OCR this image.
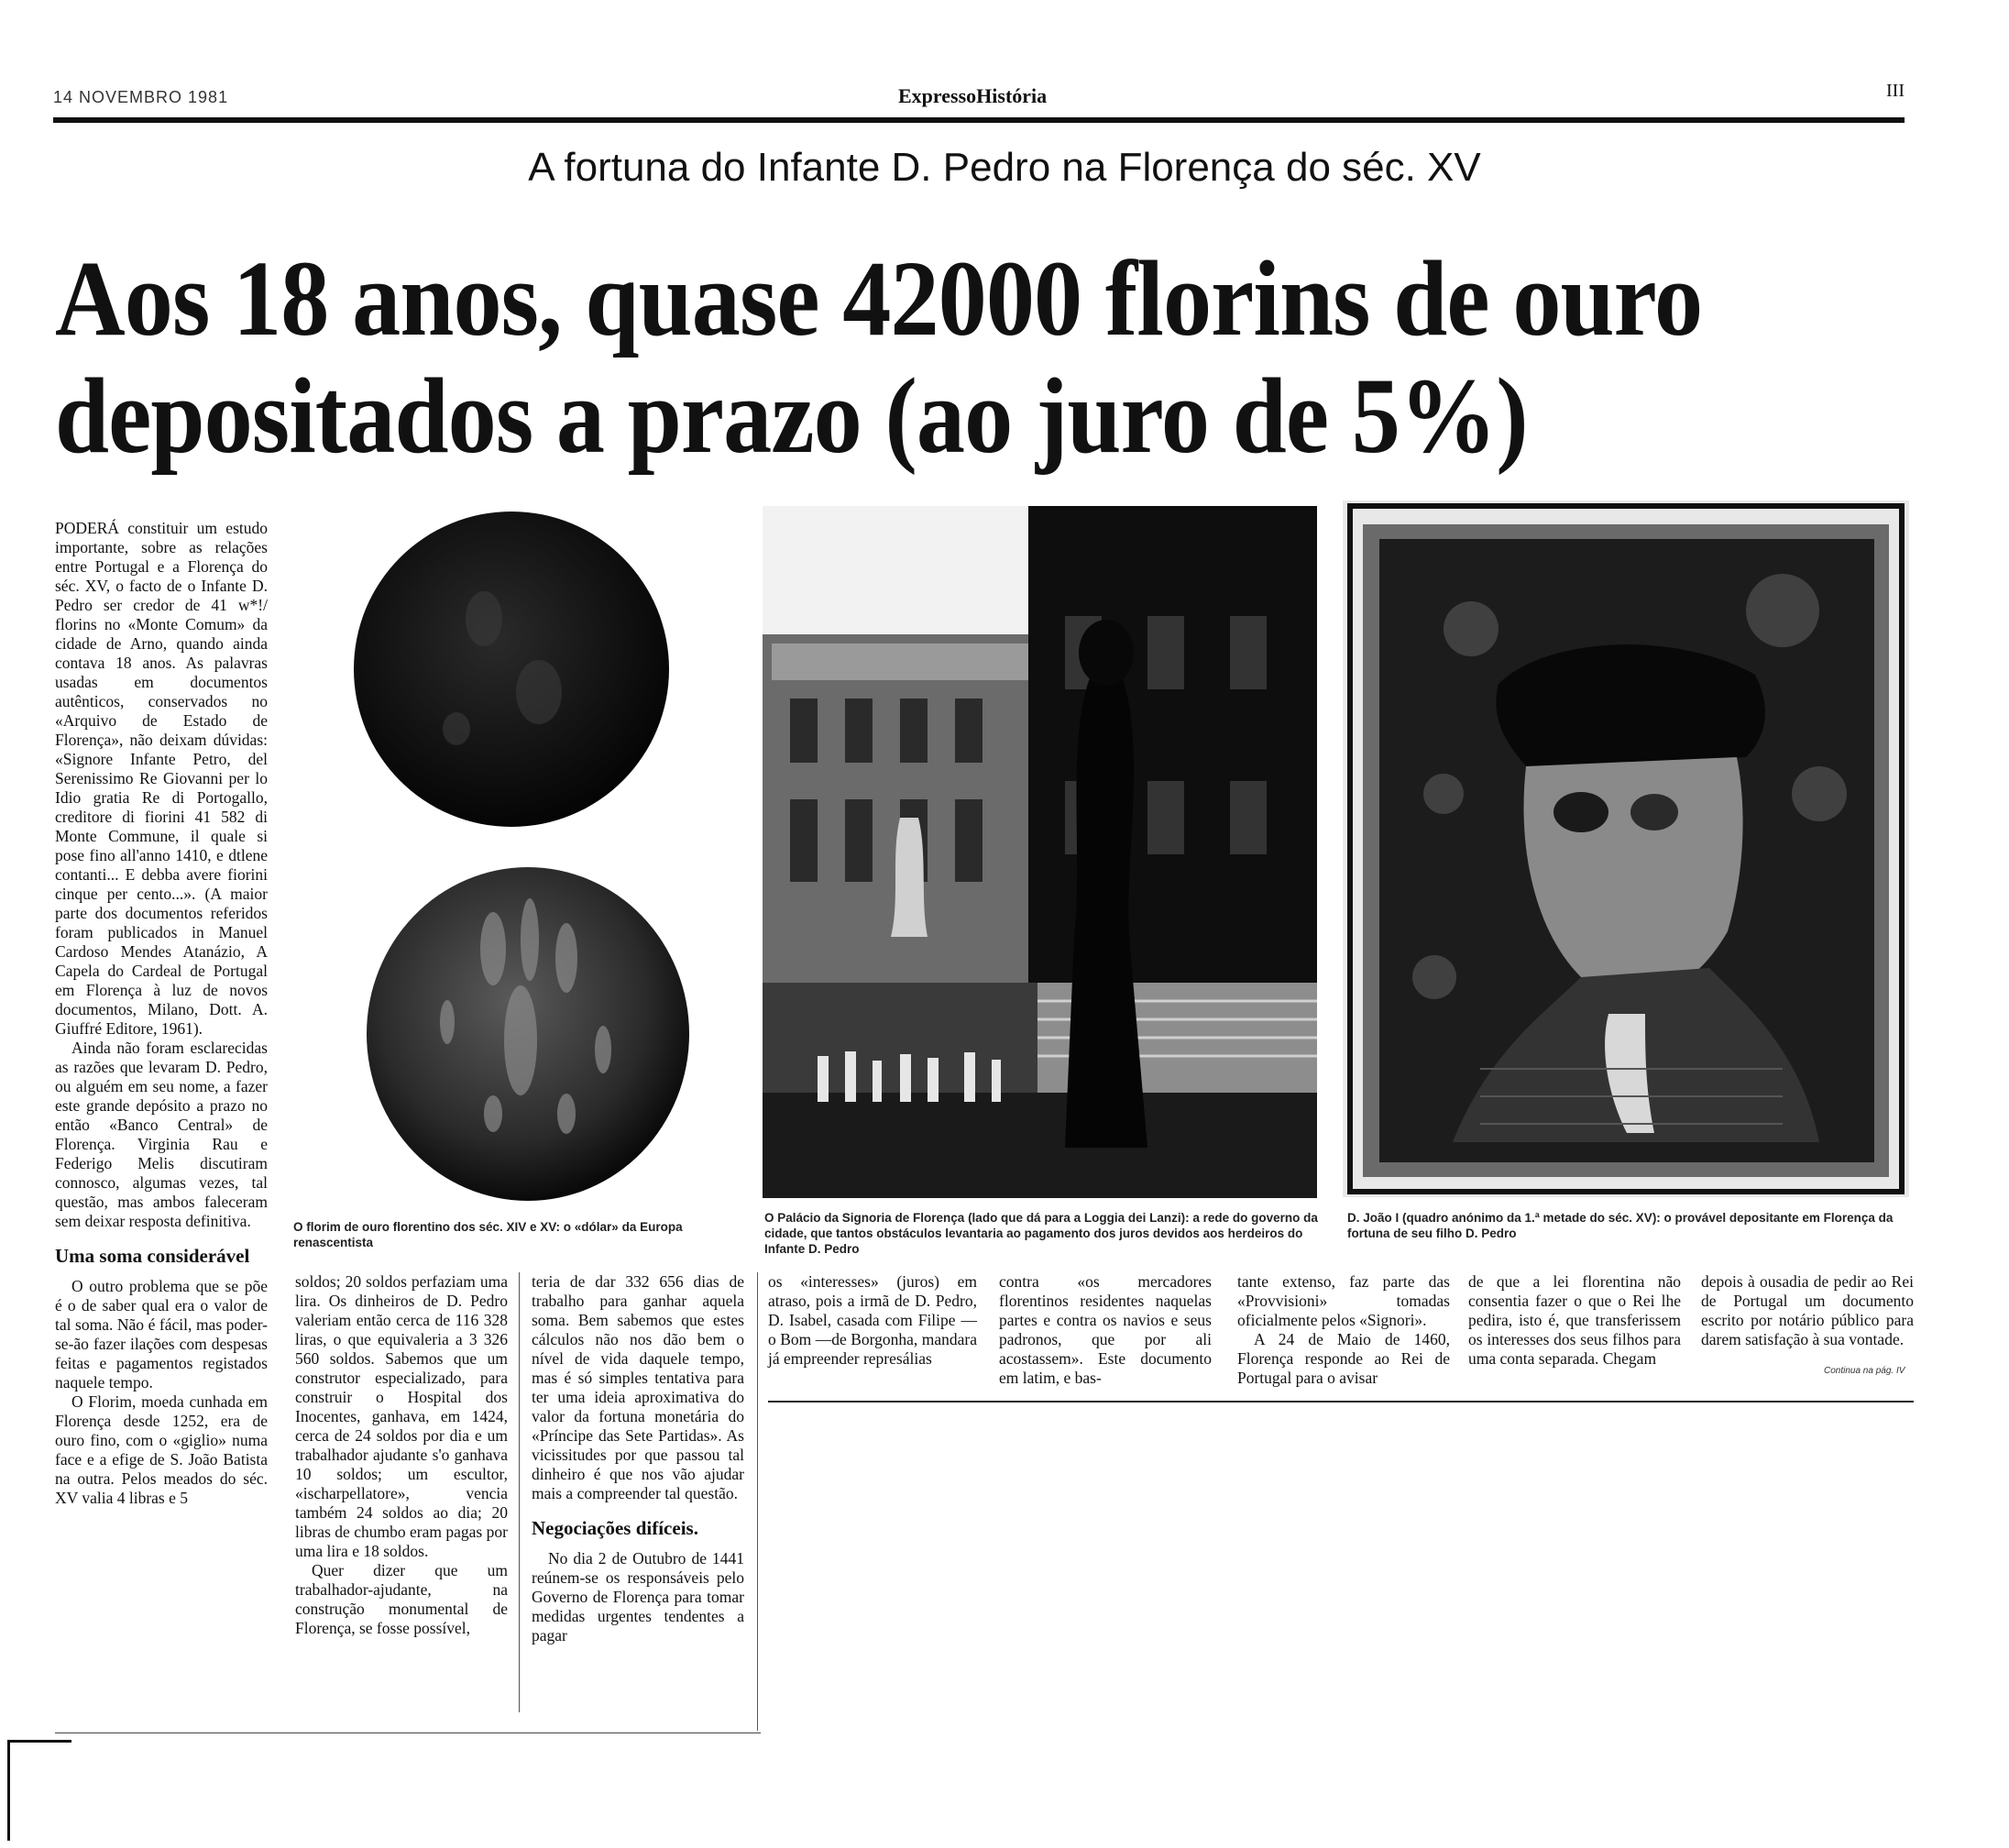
14 NOVEMBRO 1981	ExpressoHistória	III
A fortuna do Infante D. Pedro na Florença do séc. XV
Aos 18 anos, quase 42000 florins de ouro
depositados a prazo (ao juro de 5%)

PODERÁ constituir um estudo importante, sobre as relações entre Portugal e a Florença do séc. XV, o facto de o Infante D. Pedro ser credor de 41 w*!/ florins no «Monte Comum» da cidade de Arno, quando ainda contava 18 anos. As palavras usadas em documentos autênticos, conservados no «Arquivo de Estado de Florença», não deixam dúvidas: «Signore Infante Petro, del Serenissimo Re Giovanni per lo Idio gratia Re di Portogallo, creditore di fiorini 41 582 di Monte Commune, il quale si pose fino all'anno 1410, e dtlene contanti... E debba avere fiorini cinque per cento...». (A maior parte dos documentos referidos foram publicados in Manuel Cardoso Mendes Atanázio, A Capela do Cardeal de Portugal em Florença à luz de novos documentos, Milano, Dott. A. Giuffré Editore, 1961).

Ainda não foram esclarecidas as razões que levaram D. Pedro, ou alguém em seu nome, a fazer este grande depósito a prazo no então «Banco Central» de Florença. Virginia Rau e Federigo Melis discutiram connosco, algumas vezes, tal questão, mas ambos faleceram sem deixar resposta definitiva.

Uma soma considerável

O outro problema que se põe é o de saber qual era o valor de tal soma. Não é fácil, mas poder-se-ão fazer ilações com despesas feitas e pagamentos registados naquele tempo.

O Florim, moeda cunhada em Florença desde 1252, era de ouro fino, com o «giglio» numa face e a efige de S. João Batista na outra. Pelos meados do séc. XV valia 4 libras e 5

O florim de ouro florentino dos séc. XIV e XV: o «dólar» da Europa renascentista
O Palácio da Signoria de Florença (lado que dá para a Loggia dei Lanzi): a rede do governo da cidade, que tantos obstáculos levantaria ao pagamento dos juros devidos aos herdeiros do Infante D. Pedro
D. João I (quadro anónimo da 1.ª metade do séc. XV): o provável depositante em Florença da fortuna de seu filho D. Pedro

soldos; 20 soldos perfaziam uma lira. Os dinheiros de D. Pedro valeriam então cerca de 116 328 liras, o que equivaleria a 3 326 560 soldos. Sabemos que um construtor especializado, para construir o Hospital dos Inocentes, ganhava, em 1424, cerca de 24 soldos por dia e um trabalhador ajudante s'o ganhava 10 soldos; um escultor, «ischarpellatore», vencia também 24 soldos ao dia; 20 libras de chumbo eram pagas por uma lira e 18 soldos.

Quer dizer que um trabalhador-ajudante, na construção monumental de Florença, se fosse possível,

teria de dar 332 656 dias de trabalho para ganhar aquela soma. Bem sabemos que estes cálculos não nos dão bem o nível de vida daquele tempo, mas é só simples tentativa para ter uma ideia aproximativa do valor da fortuna monetária do «Príncipe das Sete Partidas». As vicissitudes por que passou tal dinheiro é que nos vão ajudar mais a compreender tal questão.

Negociações difíceis.

No dia 2 de Outubro de 1441 reúnem-se os responsáveis pelo Governo de Florença para tomar medidas urgentes tendentes a pagar

os «interesses» (juros) em atraso, pois a irmã de D. Pedro, D. Isabel, casada com Filipe — o Bom —de Borgonha, mandara já empreender represálias

contra «os mercadores florentinos residentes naquelas partes e contra os navios e seus padronos, que por ali acostassem». Este documento em latim, e bas-

tante extenso, faz parte das «Provvisioni» tomadas oficialmente pelos «Signori».

A 24 de Maio de 1460, Florença responde ao Rei de Portugal para o avisar

de que a lei florentina não consentia fazer o que o Rei lhe pedira, isto é, que transferissem os interesses dos seus filhos para uma conta separada. Chegam

depois à ousadia de pedir ao Rei de Portugal um documento escrito por notário público para darem satisfação à sua vontade.

Continua na pág. IV
